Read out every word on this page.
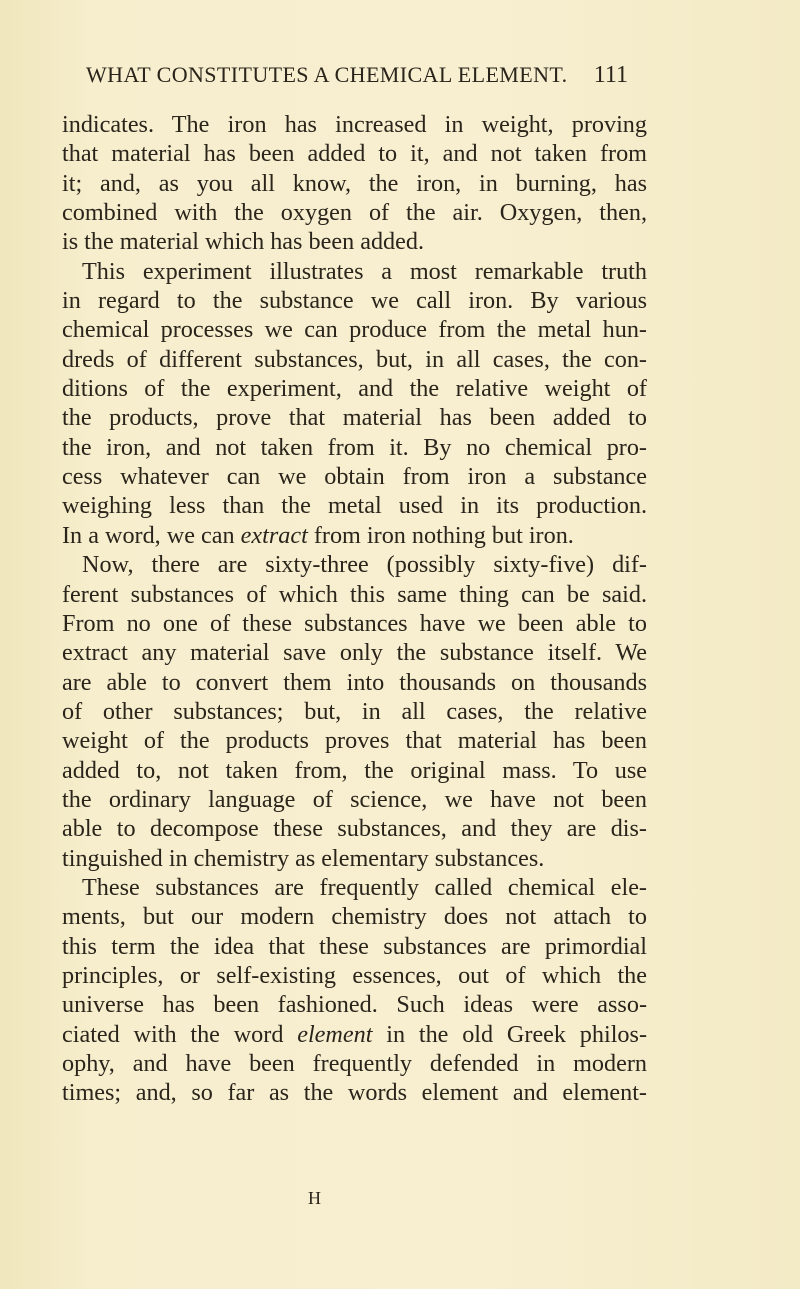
WHAT CONSTITUTES A CHEMICAL ELEMENT. 111
indicates. The iron has increased in weight, proving
that material has been added to it, and not taken from
it; and, as you all know, the iron, in burning, has
combined with the oxygen of the air. Oxygen, then,
is the material which has been added.
This experiment illustrates a most remarkable truth
in regard to the substance we call iron. By various
chemical processes we can produce from the metal hun-
dreds of different substances, but, in all cases, the con-
ditions of the experiment, and the relative weight of
the products, prove that material has been added to
the iron, and not taken from it. By no chemical pro-
cess whatever can we obtain from iron a substance
weighing less than the metal used in its production.
In a word, we can extract from iron nothing but iron.
Now, there are sixty-three (possibly sixty-five) dif-
ferent substances of which this same thing can be said.
From no one of these substances have we been able to
extract any material save only the substance itself. We
are able to convert them into thousands on thousands
of other substances; but, in all cases, the relative
weight of the products proves that material has been
added to, not taken from, the original mass. To use
the ordinary language of science, we have not been
able to decompose these substances, and they are dis-
tinguished in chemistry as elementary substances.
These substances are frequently called chemical ele-
ments, but our modern chemistry does not attach to
this term the idea that these substances are primordial
principles, or self-existing essences, out of which the
universe has been fashioned. Such ideas were asso-
ciated with the word element in the old Greek philos-
ophy, and have been frequently defended in modern
times; and, so far as the words element and element-
H
